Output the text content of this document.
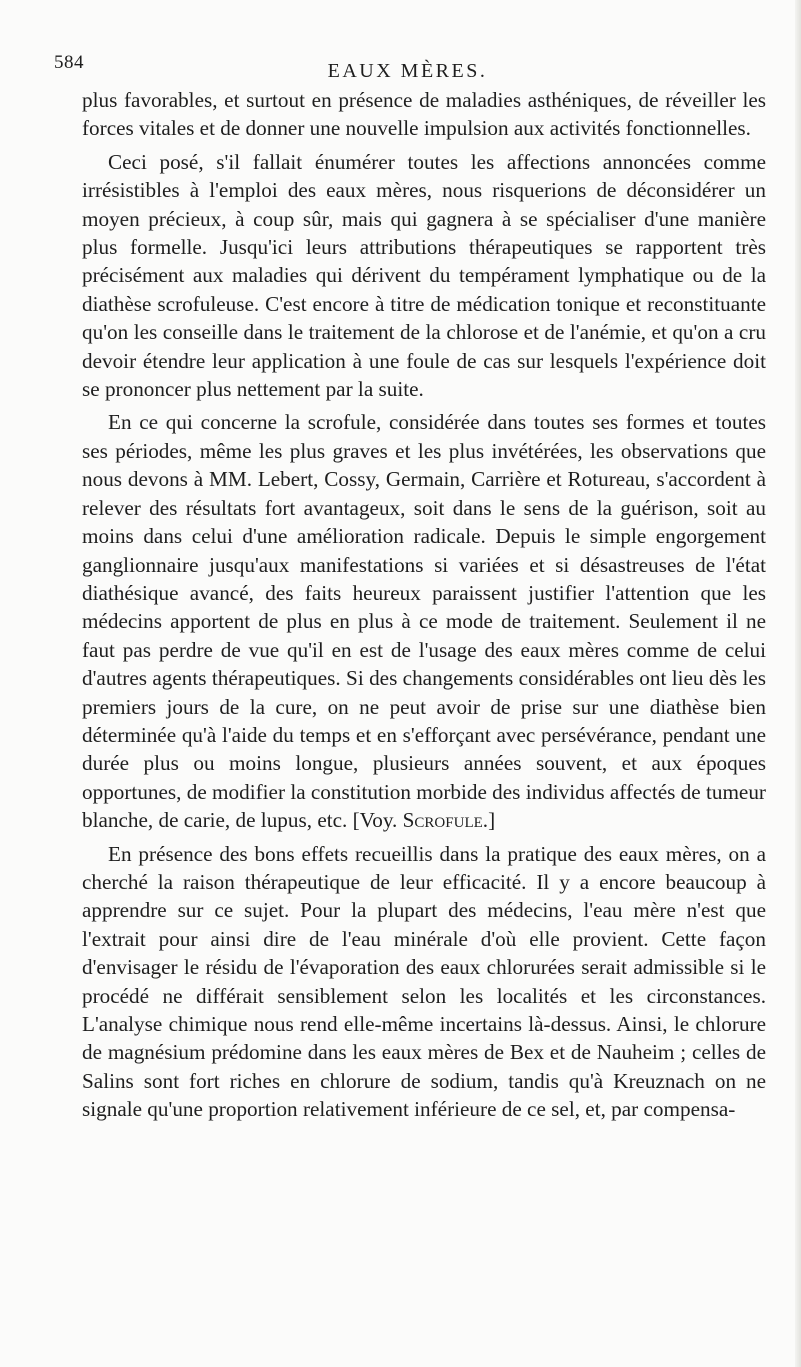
584	EAUX MÈRES.

plus favorables, et surtout en présence de maladies asthéniques, de réveiller les forces vitales et de donner une nouvelle impulsion aux activités fonctionnelles.

Ceci posé, s'il fallait énumérer toutes les affections annoncées comme irrésistibles à l'emploi des eaux mères, nous risquerions de déconsidérer un moyen précieux, à coup sûr, mais qui gagnera à se spécialiser d'une manière plus formelle. Jusqu'ici leurs attributions thérapeutiques se rapportent très précisément aux maladies qui dérivent du tempérament lymphatique ou de la diathèse scrofuleuse. C'est encore à titre de médication tonique et reconstituante qu'on les conseille dans le traitement de la chlorose et de l'anémie, et qu'on a cru devoir étendre leur application à une foule de cas sur lesquels l'expérience doit se prononcer plus nettement par la suite.

En ce qui concerne la scrofule, considérée dans toutes ses formes et toutes ses périodes, même les plus graves et les plus invétérées, les observations que nous devons à MM. Lebert, Cossy, Germain, Carrière et Rotureau, s'accordent à relever des résultats fort avantageux, soit dans le sens de la guérison, soit au moins dans celui d'une amélioration radicale. Depuis le simple engorgement ganglionnaire jusqu'aux manifestations si variées et si désastreuses de l'état diathésique avancé, des faits heureux paraissent justifier l'attention que les médecins apportent de plus en plus à ce mode de traitement. Seulement il ne faut pas perdre de vue qu'il en est de l'usage des eaux mères comme de celui d'autres agents thérapeutiques. Si des changements considérables ont lieu dès les premiers jours de la cure, on ne peut avoir de prise sur une diathèse bien déterminée qu'à l'aide du temps et en s'efforçant avec persévérance, pendant une durée plus ou moins longue, plusieurs années souvent, et aux époques opportunes, de modifier la constitution morbide des individus affectés de tumeur blanche, de carie, de lupus, etc. [Voy. Scrofule.]

En présence des bons effets recueillis dans la pratique des eaux mères, on a cherché la raison thérapeutique de leur efficacité. Il y a encore beaucoup à apprendre sur ce sujet. Pour la plupart des médecins, l'eau mère n'est que l'extrait pour ainsi dire de l'eau minérale d'où elle provient. Cette façon d'envisager le résidu de l'évaporation des eaux chlorurées serait admissible si le procédé ne différait sensiblement selon les localités et les circonstances. L'analyse chimique nous rend elle-même incertains là-dessus. Ainsi, le chlorure de magnésium prédomine dans les eaux mères de Bex et de Nauheim ; celles de Salins sont fort riches en chlorure de sodium, tandis qu'à Kreuznach on ne signale qu'une proportion relativement inférieure de ce sel, et, par compensa-
